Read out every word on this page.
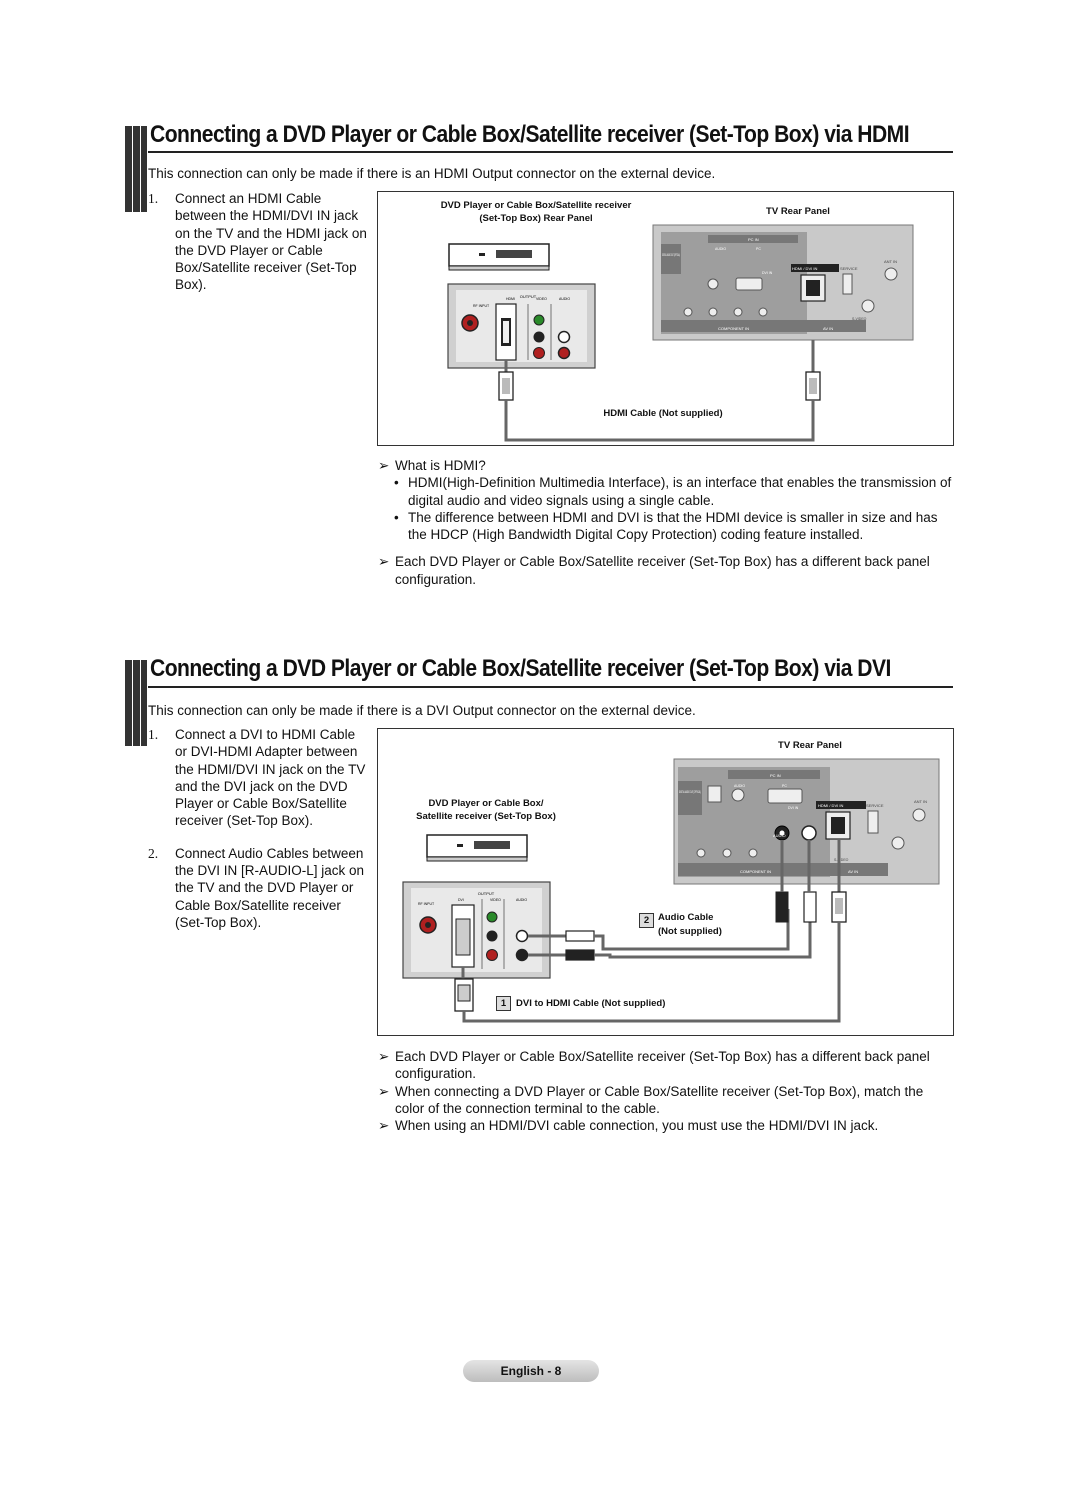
Connecting a DVD Player or Cable Box/Satellite receiver (Set-Top Box) via HDMI
This connection can only be made if there is an HDMI Output connector on the external device.
1. Connect an HDMI Cable between the HDMI/DVI IN jack on the TV and the HDMI jack on the DVD Player or Cable Box/Satellite receiver (Set-Top Box).
DVD Player or Cable Box/Satellite receiver
(Set-Top Box) Rear Panel
TV Rear Panel
HDMI Cable (Not supplied)
OUTPUT
RF INPUT
HDMI	VIDEO	AUDIO
DIGITAL AUDIO OUT (OPTICAL)
PC IN
AUDIO	PC
DVI IN
HDMI / DVI IN	SERVICE
ANT IN
COMPONENT IN	AV IN
S-VIDEO

➢ What is HDMI?

• HDMI(High-Definition Multimedia Interface), is an interface that enables the transmission of digital audio and video signals using a single cable.

• The difference between HDMI and DVI is that the HDMI device is smaller in size and has the HDCP (High Bandwidth Digital Copy Protection) coding feature installed.

➢ Each DVD Player or Cable Box/Satellite receiver (Set-Top Box) has a different back panel configuration.

Connecting a DVD Player or Cable Box/Satellite receiver (Set-Top Box) via DVI
This connection can only be made if there is a DVI Output connector on the external device.
1. Connect a DVI to HDMI Cable or DVI-HDMI Adapter between the HDMI/DVI IN jack on the TV and the DVI jack on the DVD Player or Cable Box/Satellite receiver (Set-Top Box).
2. Connect Audio Cables between the DVI IN [R-AUDIO-L] jack on the TV and the DVD Player or Cable Box/Satellite receiver (Set-Top Box).
TV Rear Panel
DVD Player or Cable Box/
Satellite receiver (Set-Top Box)
Audio Cable
(Not supplied)
DVI to HDMI Cable (Not supplied)
2
1
DIGITAL AUDIO OUT (OPTICAL)
PC IN
AUDIO	PC
DVI IN	HDMI / DVI IN	SERVICE
ANT IN
COMPONENT IN	AV IN
S-VIDEO
AUDIO
OUTPUT
RF INPUT
DVI	VIDEO	AUDIO

➢ Each DVD Player or Cable Box/Satellite receiver (Set-Top Box) has a different back panel configuration.

➢ When connecting a DVD Player or Cable Box/Satellite receiver (Set-Top Box), match the color of the connection terminal to the cable.

➢ When using an HDMI/DVI cable connection, you must use the HDMI/DVI IN jack.

English - 8
